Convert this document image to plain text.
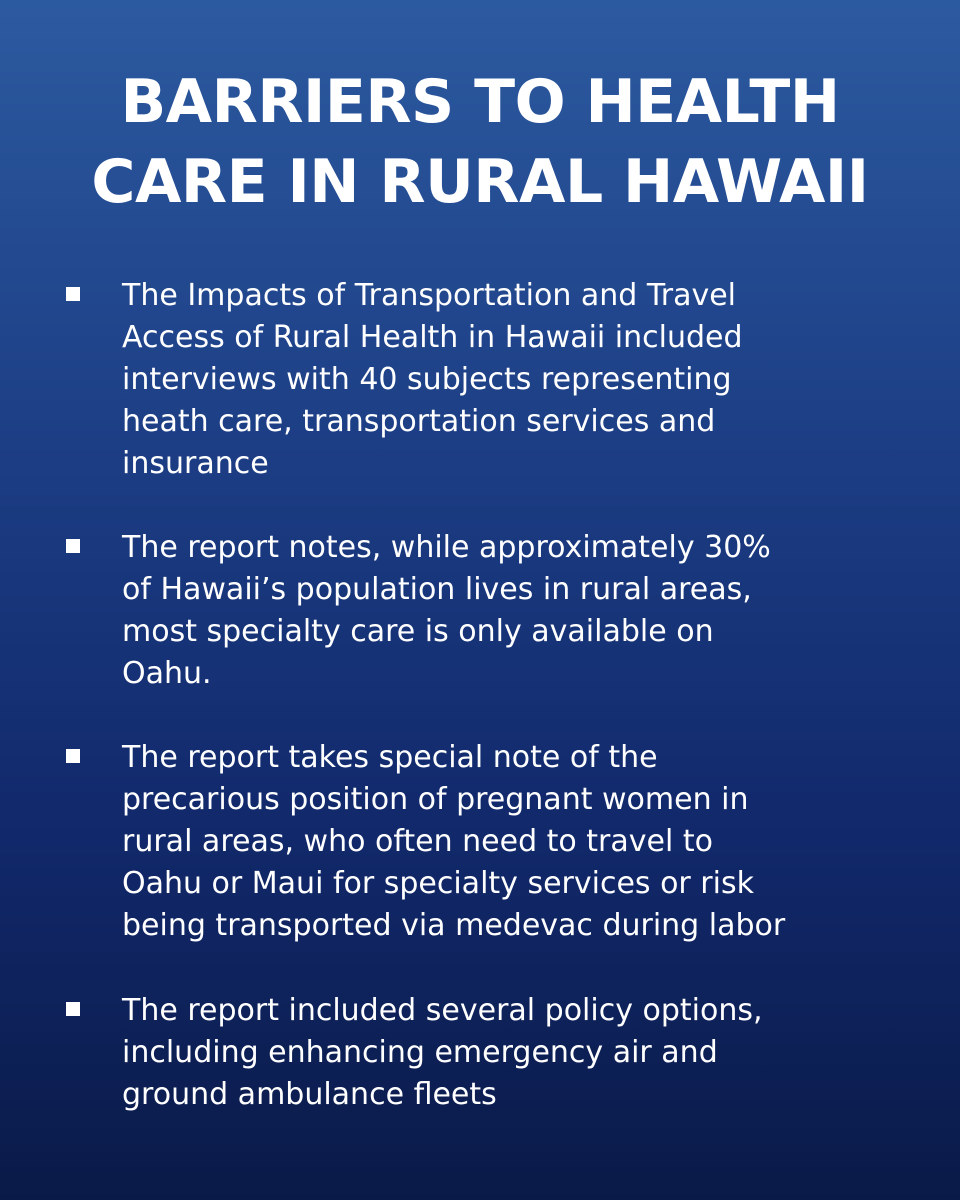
BARRIERS TO HEALTH
CARE IN RURAL HAWAII

The Impacts of Transportation and Travel
Access of Rural Health in Hawaii included
interviews with 40 subjects representing
heath care, transportation services and
insurance

The report notes, while approximately 30%
of Hawaii’s population lives in rural areas,
most specialty care is only available on
Oahu.

The report takes special note of the
precarious position of pregnant women in
rural areas, who often need to travel to
Oahu or Maui for specialty services or risk
being transported via medevac during labor

The report included several policy options,
including enhancing emergency air and
ground ambulance fleets
